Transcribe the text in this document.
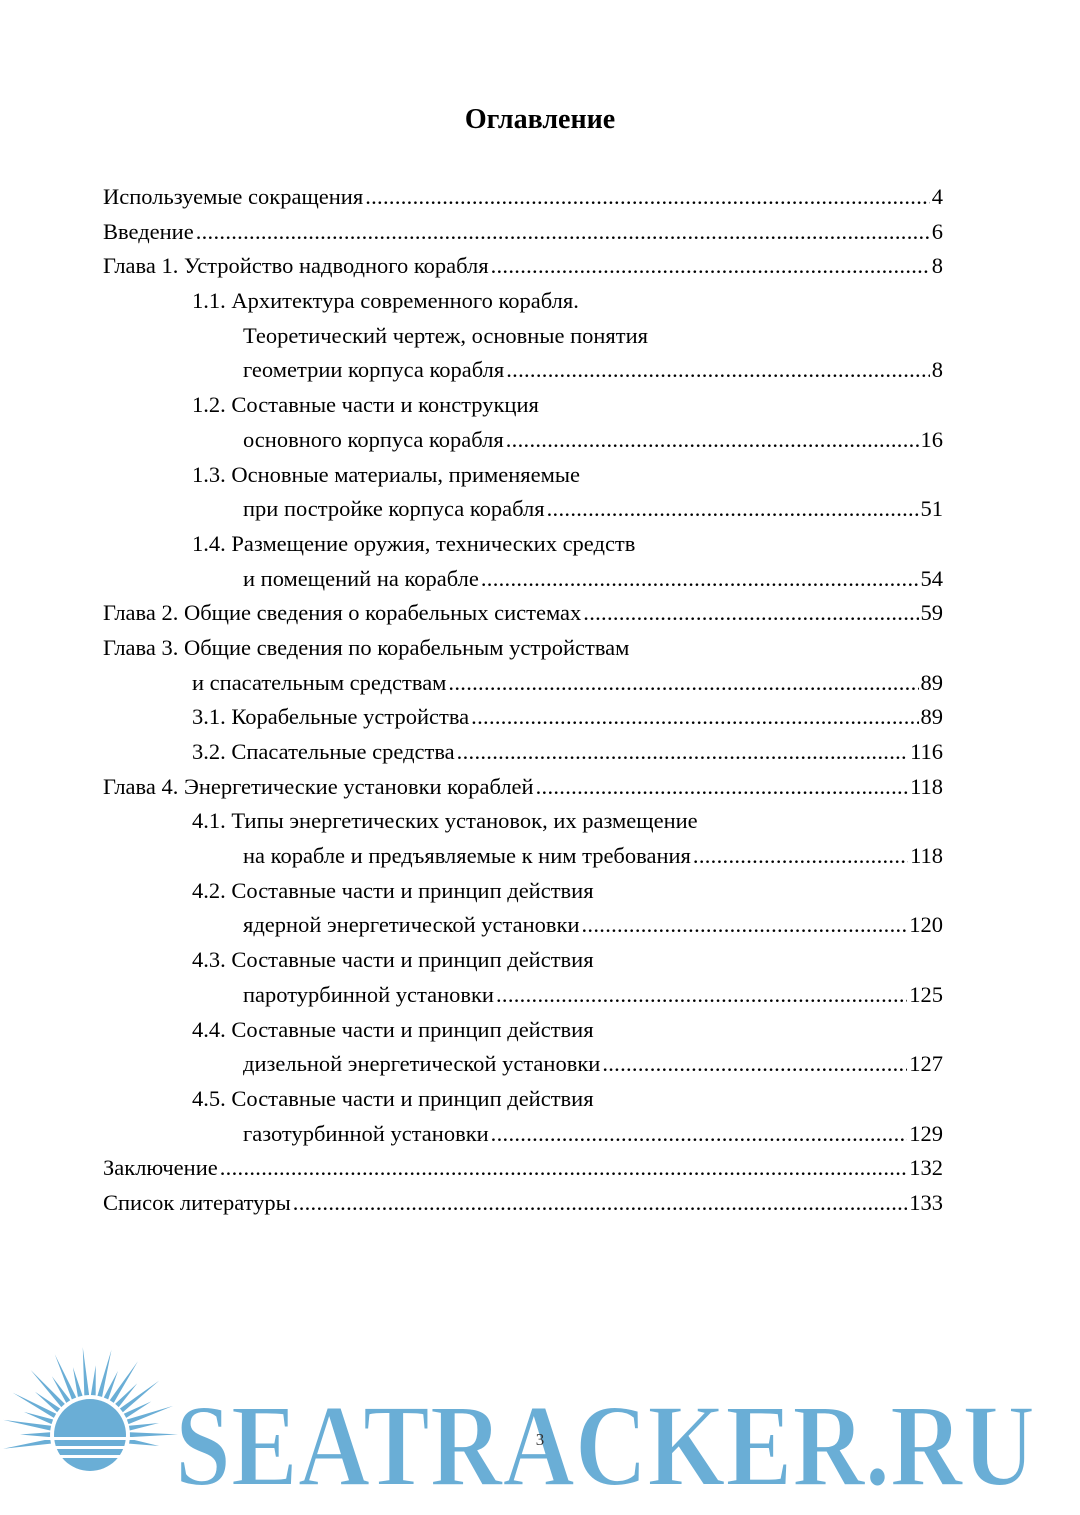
Оглавление
Используемые сокращения .....	4
Введение .....	6
Глава 1. Устройство надводного корабля .....	8
1.1. Архитектура современного корабля.
Теоретический чертеж, основные понятия
геометрии корпуса корабля .....	8
1.2. Составные части и конструкция
основного корпуса корабля .....	16
1.3. Основные материалы, применяемые
при постройке корпуса корабля .....	51
1.4. Размещение оружия, технических средств
и помещений на корабле .....	54
Глава 2. Общие сведения о корабельных системах .....	59
Глава 3. Общие сведения по корабельным устройствам
и спасательным средствам .....	89
3.1. Корабельные устройства .....	89
3.2. Спасательные средства .....	116
Глава 4. Энергетические установки кораблей .....	118
4.1. Типы энергетических установок, их размещение
на корабле и предъявляемые к ним требования .....	118
4.2. Составные части и принцип действия
ядерной энергетической установки .....	120
4.3. Составные части и принцип действия
паротурбинной установки .....	125
4.4. Составные части и принцип действия
дизельной энергетической установки .....	127
4.5. Составные части и принцип действия
газотурбинной установки .....	129
Заключение .....	132
Список литературы .....	133
SEATRACKER.RU
3
